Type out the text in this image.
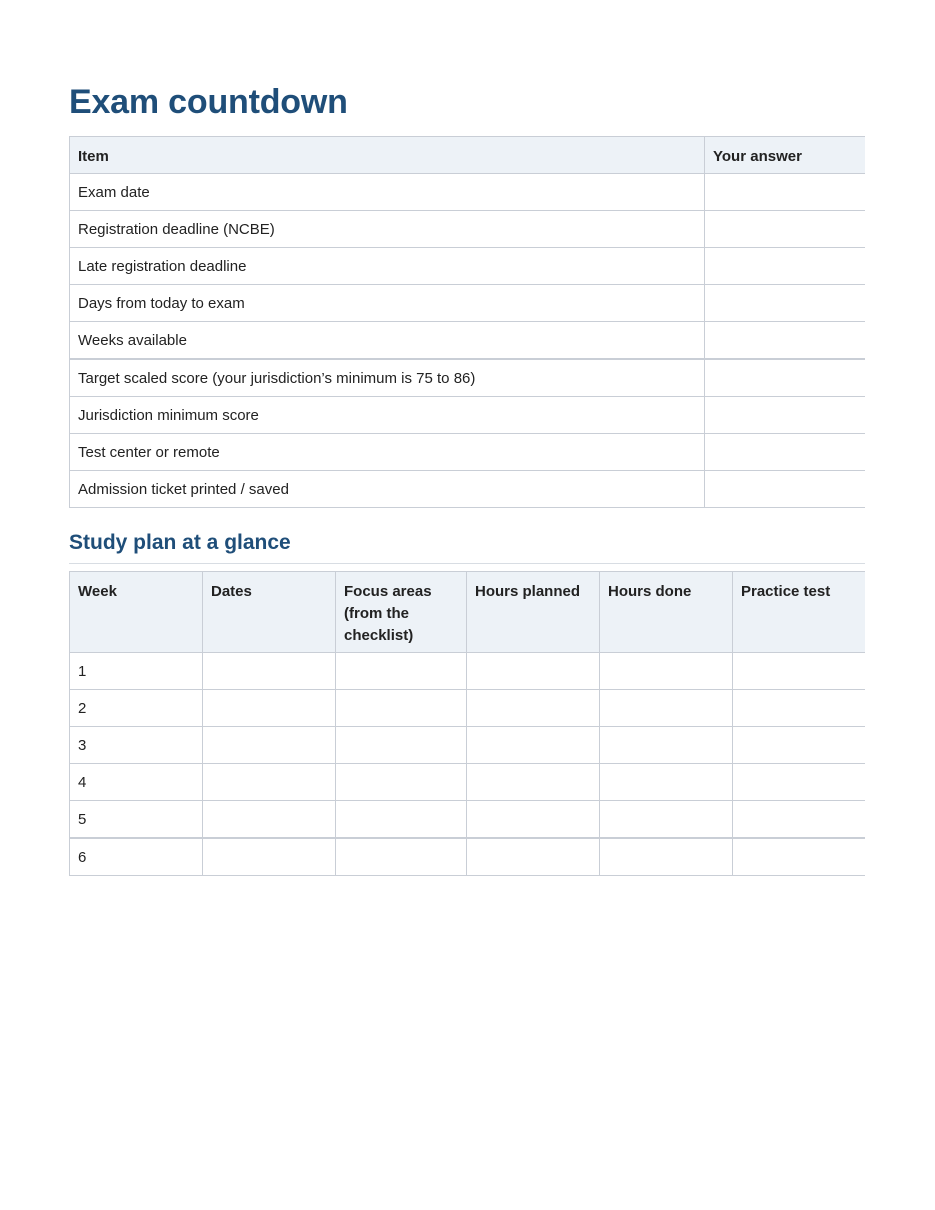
Exam countdown
Item	Your answer
Exam date	
Registration deadline (NCBE)	
Late registration deadline	
Days from today to exam	
Weeks available	
Target scaled score (your jurisdiction’s minimum is 75 to 86)	
Jurisdiction minimum score	
Test center or remote	
Admission ticket printed / saved	
Study plan at a glance
Week	Dates	Focus areas (from the checklist)	Hours planned	Hours done	Practice test
1					
2					
3					
4					
5					
6					
